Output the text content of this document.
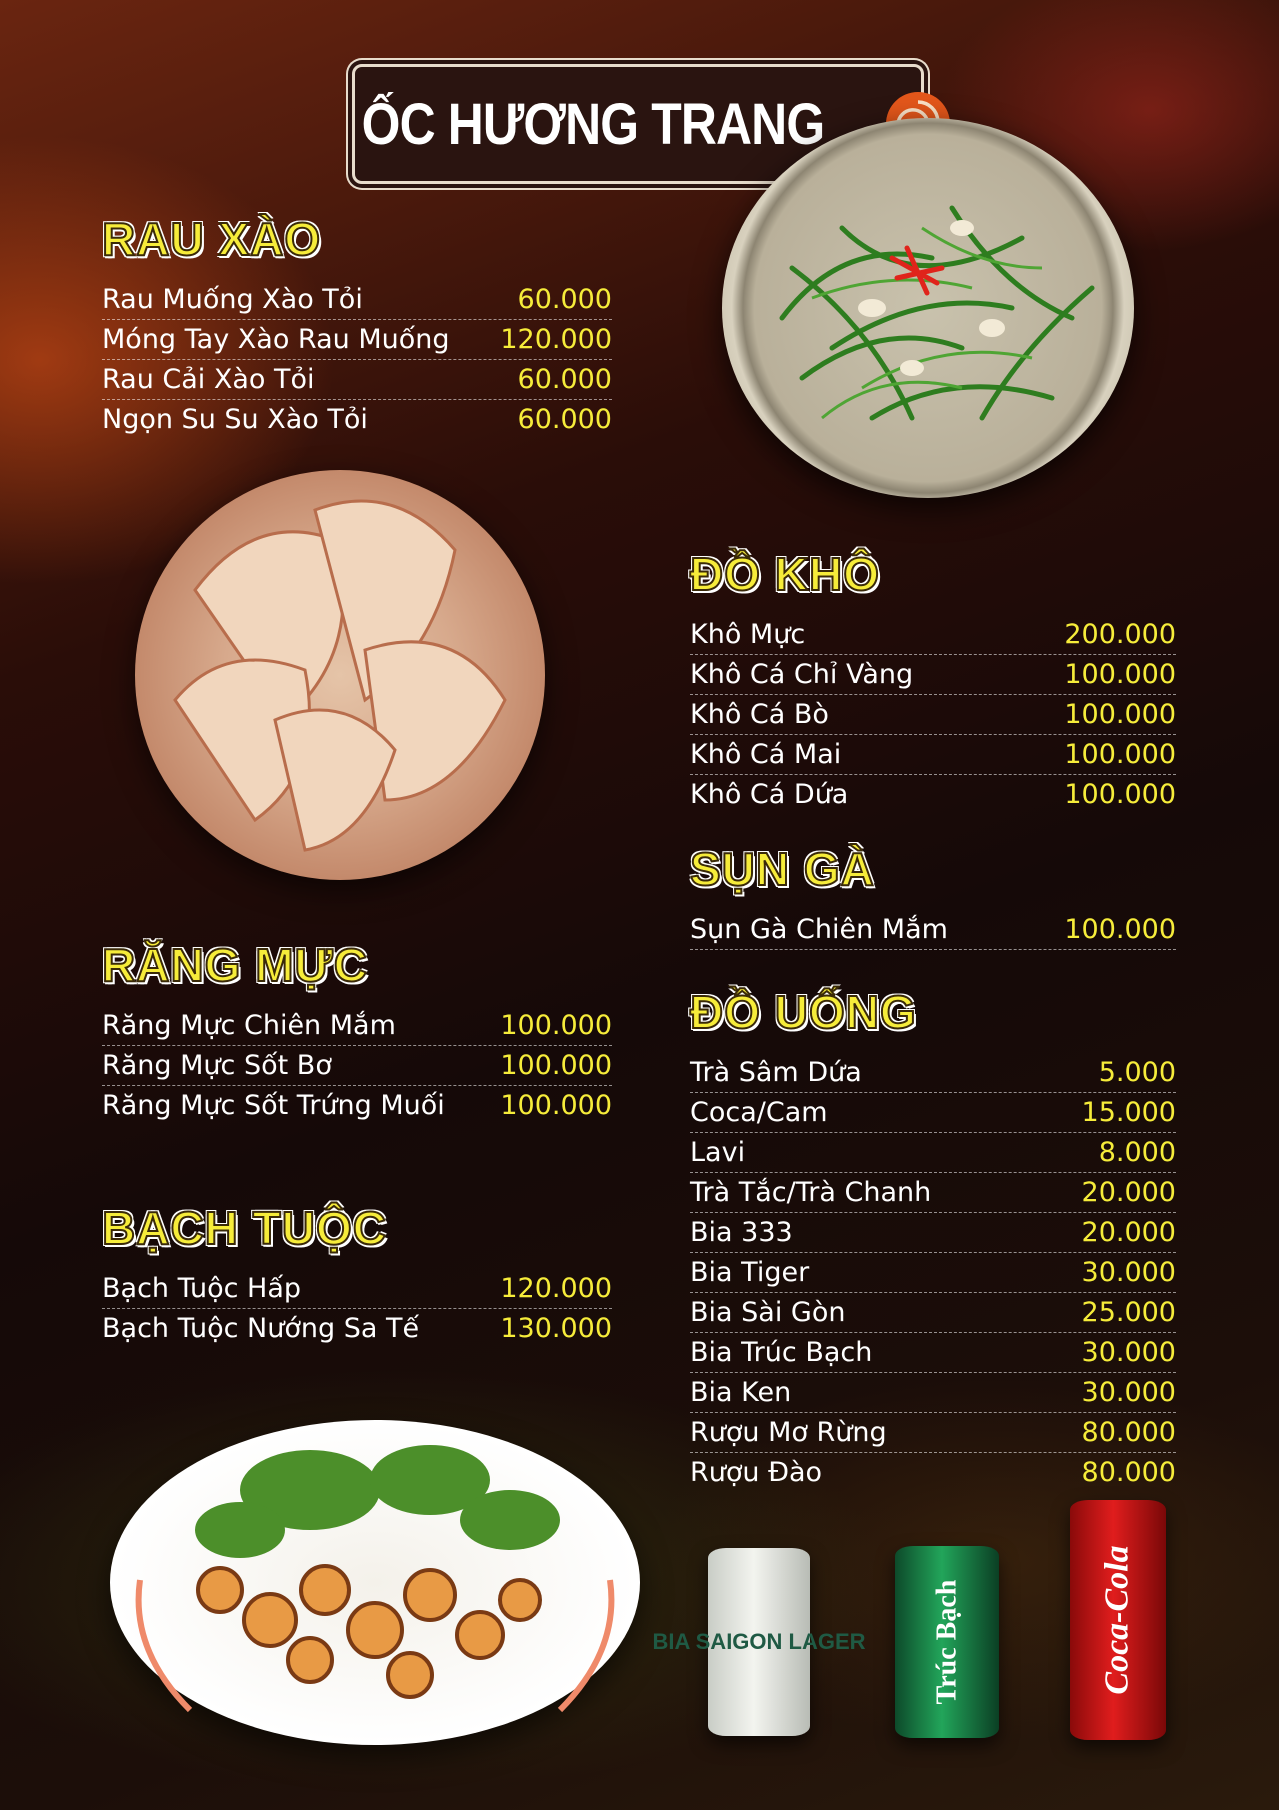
ỐC HƯƠNG TRANG
RAU XÀO
Rau Muống Xào Tỏi	60.000
Móng Tay Xào Rau Muống 120.000
Rau Cải Xào Tỏi	60.000
Ngọn Su Su Xào Tỏi	60.000
RĂNG MỰC
Răng Mực Chiên Mắm	100.000
Răng Mực Sốt Bơ	100.000
Răng Mực Sốt Trứng Muối 100.000
BẠCH TUỘC
Bạch Tuộc Hấp	120.000
Bạch Tuộc Nướng Sa Tế	130.000
ĐỒ KHÔ
Khô Mực	200.000
Khô Cá Chỉ Vàng	100.000
Khô Cá Bò	100.000
Khô Cá Mai	100.000
Khô Cá Dứa	100.000
SỤN GÀ
Sụn Gà Chiên Mắm	100.000
ĐỒ UỐNG
Trà Sâm Dứa	5.000
Coca/Cam	15.000
Lavi	8.000
Trà Tắc/Trà Chanh	20.000
Bia 333	20.000
Bia Tiger	30.000
Bia Sài Gòn	25.000
Bia Trúc Bạch	30.000
Bia Ken	30.000
Rượu Mơ Rừng	80.000
Rượu Đào	80.000
BIA SAIGON LAGER Trúc Bạch	Coca-Cola
